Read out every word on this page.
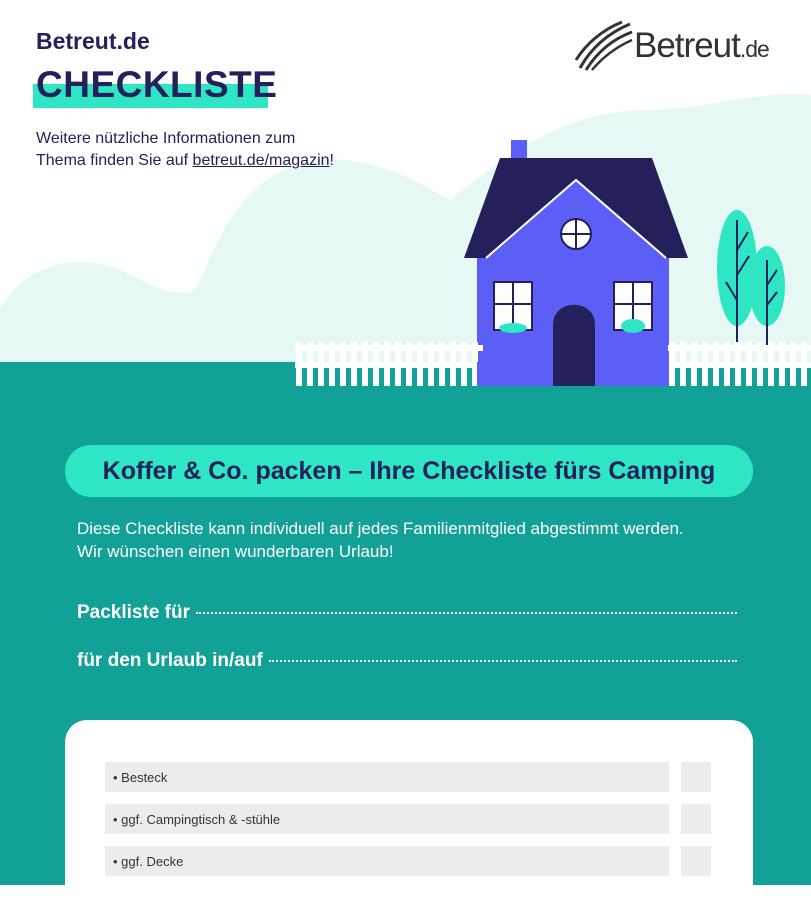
Betreut.de
CHECKLISTE
Weitere nützliche Informationen zum
Thema finden Sie auf betreut.de/magazin!
Betreut.de
Koffer & Co. packen – Ihre Checkliste fürs Camping
Diese Checkliste kann individuell auf jedes Familienmitglied abgestimmt werden.
Wir wünschen einen wunderbaren Urlaub!
Packliste für
für den Urlaub in/auf
• Besteck
• ggf. Campingtisch & -stühle
• ggf. Decke
